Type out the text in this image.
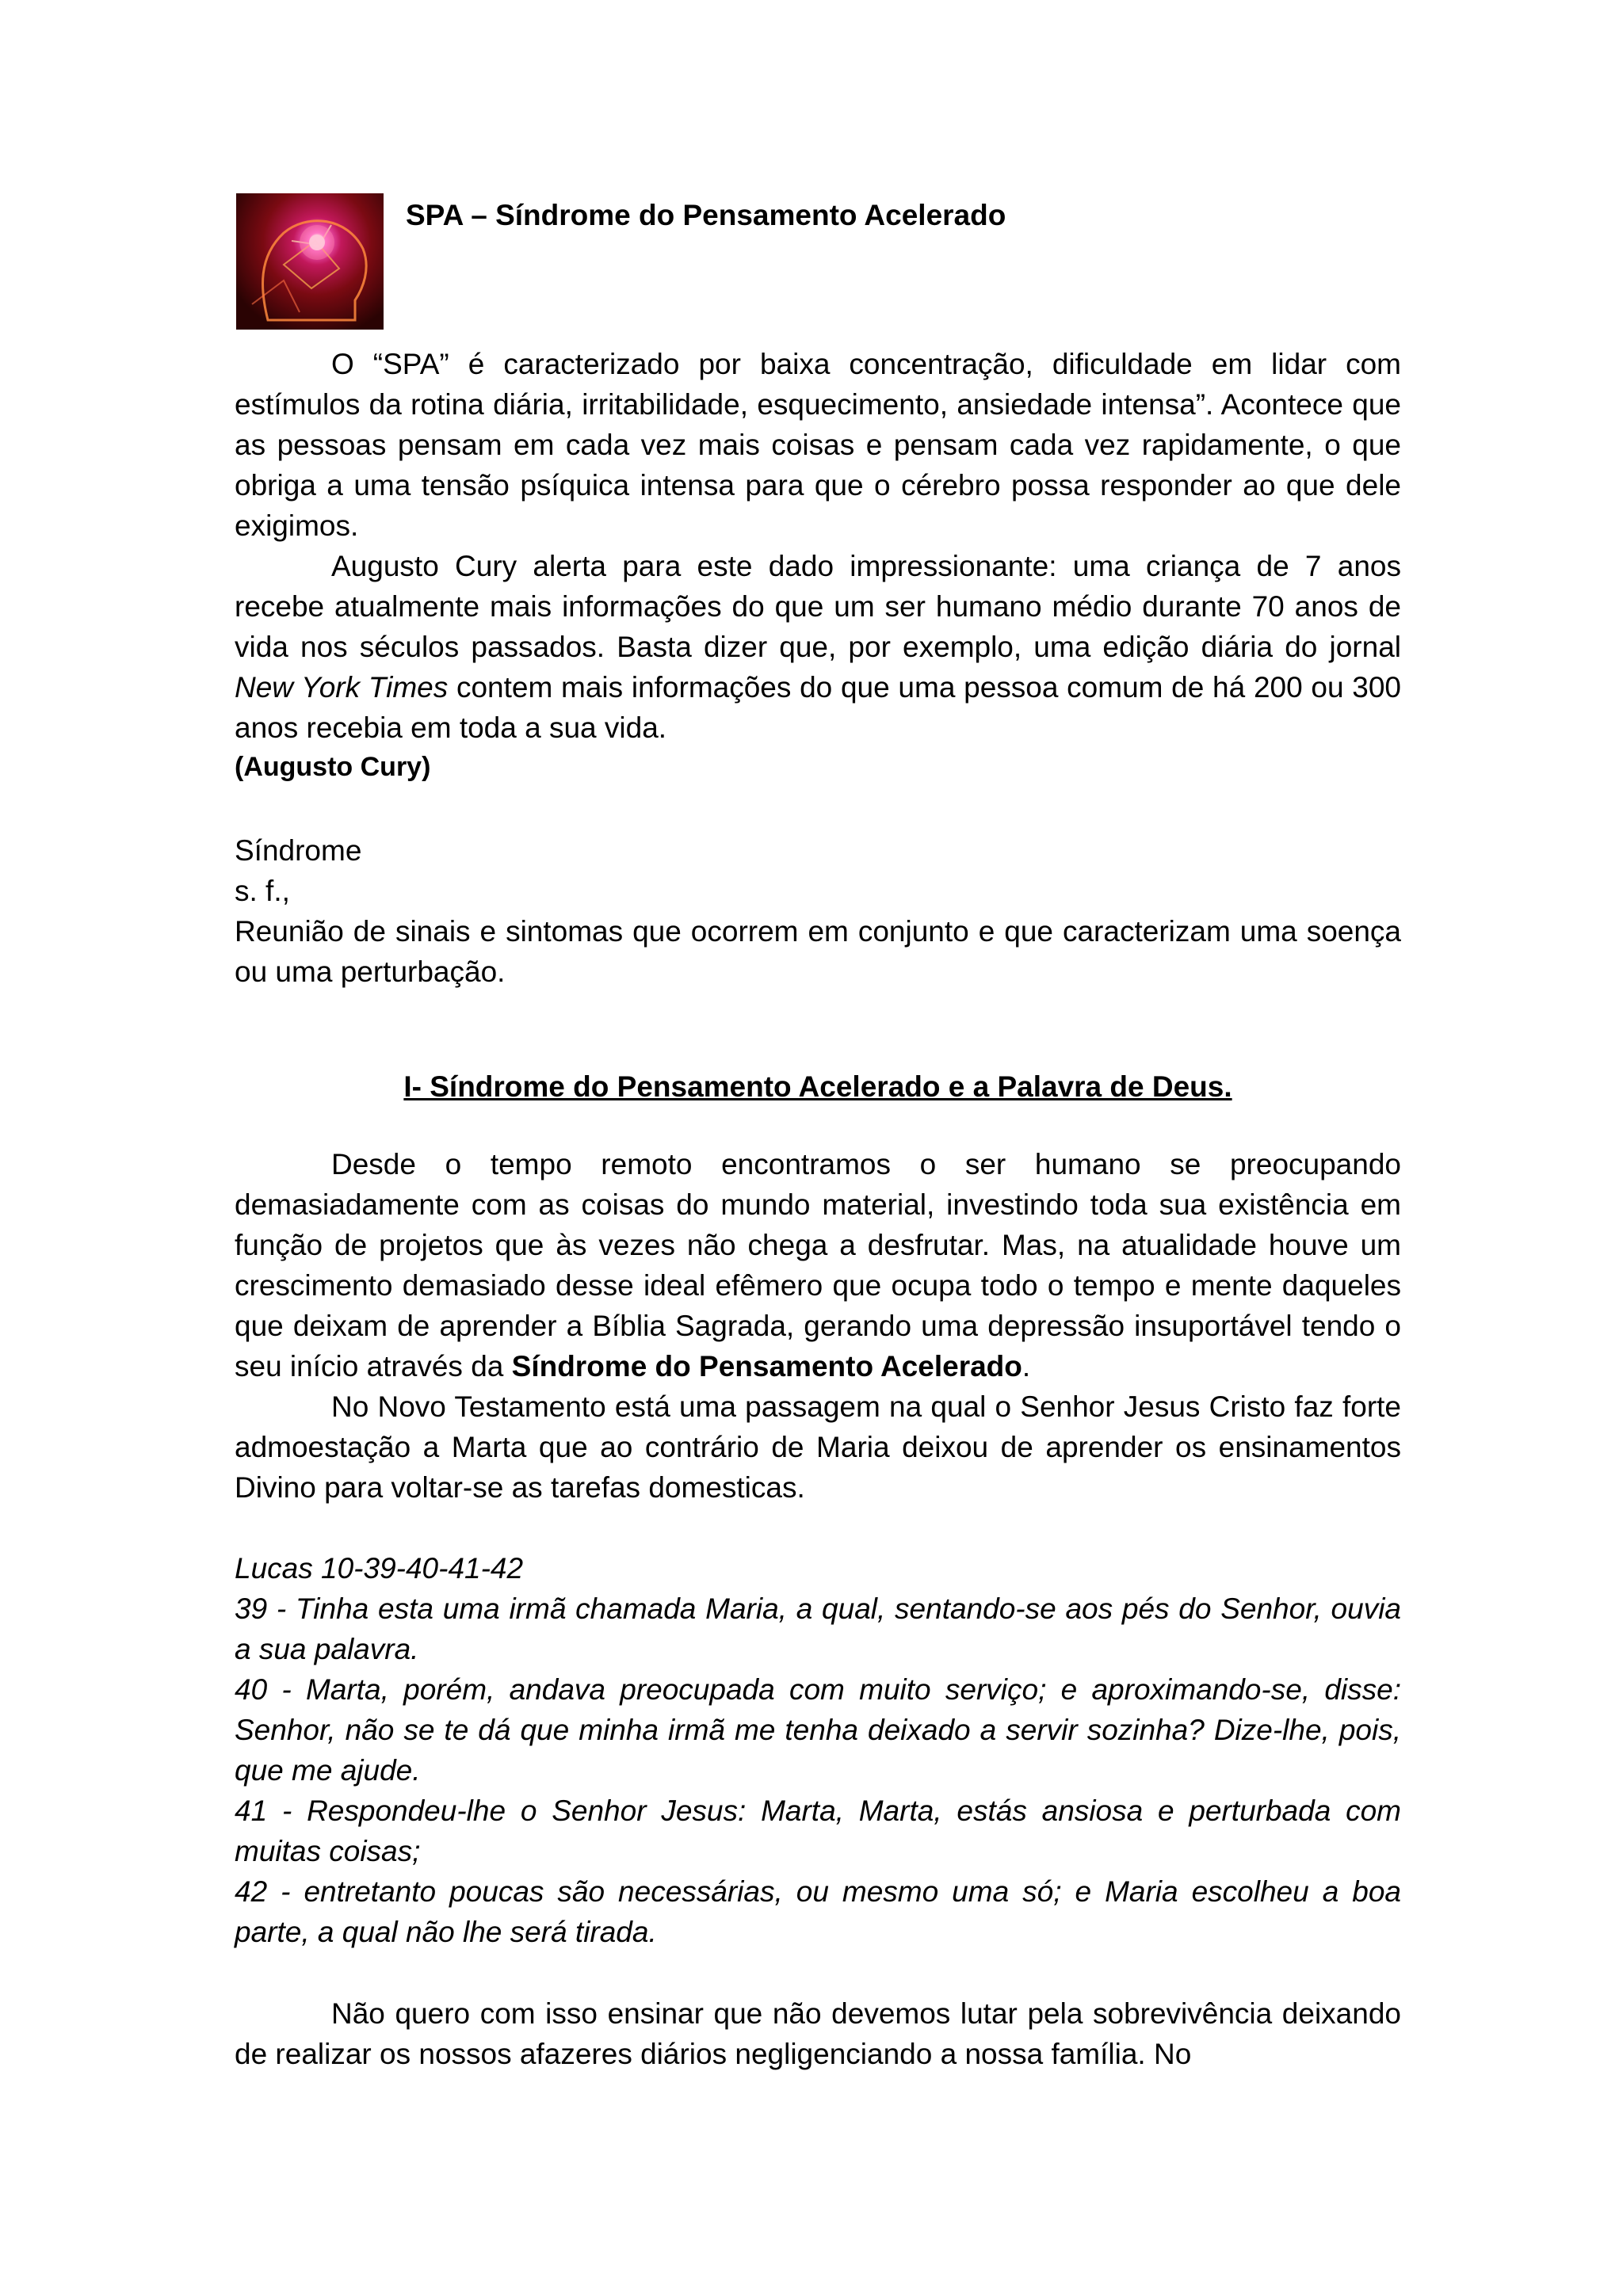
SPA – Síndrome do Pensamento Acelerado

O “SPA” é caracterizado por baixa concentração, dificuldade em lidar com estímulos da rotina diária, irritabilidade, esquecimento, ansiedade intensa”. Acontece que as pessoas pensam em cada vez mais coisas e pensam cada vez rapidamente, o que obriga a uma tensão psíquica intensa para que o cérebro possa responder ao que dele exigimos.

Augusto Cury alerta para este dado impressionante: uma criança de 7 anos recebe atualmente mais informações do que um ser humano médio durante 70 anos de vida nos séculos passados. Basta dizer que, por exemplo, uma edição diária do jornal New York Times contem mais informações do que uma pessoa comum de há 200 ou 300 anos recebia em toda a sua vida.

(Augusto Cury)

Síndrome

s. f.,

Reunião de sinais e sintomas que ocorrem em conjunto e que caracterizam uma soença ou uma perturbação.

I- Síndrome do Pensamento Acelerado e a Palavra de Deus.

Desde o tempo remoto encontramos o ser humano se preocupando demasiadamente com as coisas do mundo material, investindo toda sua existência em função de projetos que às vezes não chega a desfrutar. Mas, na atualidade houve um crescimento demasiado desse ideal efêmero que ocupa todo o tempo e mente daqueles que deixam de aprender a Bíblia Sagrada, gerando uma depressão insuportável tendo o seu início através da Síndrome do Pensamento Acelerado.

No Novo Testamento está uma passagem na qual o Senhor Jesus Cristo faz forte admoestação a Marta que ao contrário de Maria deixou de aprender os ensinamentos Divino para voltar-se as tarefas domesticas.

Lucas 10-39-40-41-42

39 - Tinha esta uma irmã chamada Maria, a qual, sentando-se aos pés do Senhor, ouvia a sua palavra.

40 - Marta, porém, andava preocupada com muito serviço; e aproximando-se, disse: Senhor, não se te dá que minha irmã me tenha deixado a servir sozinha? Dize-lhe, pois, que me ajude.

41 - Respondeu-lhe o Senhor Jesus: Marta, Marta, estás ansiosa e perturbada com muitas coisas;

42 - entretanto poucas são necessárias, ou mesmo uma só; e Maria escolheu a boa parte, a qual não lhe será tirada.

Não quero com isso ensinar que não devemos lutar pela sobrevivência deixando de realizar os nossos afazeres diários negligenciando a nossa família. No
